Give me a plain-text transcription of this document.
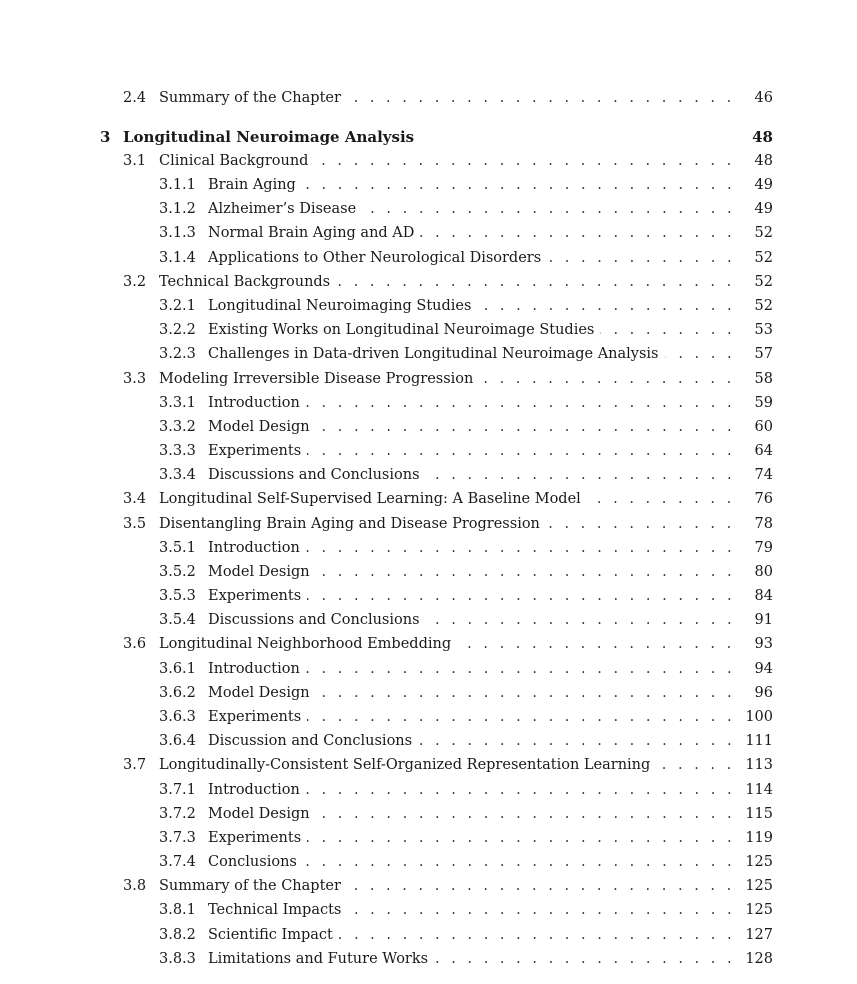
. . .
2.4 Summary of the Chapter	46
3 Longitudinal Neuroimage Analysis	48
. . .
3.1 Clinical Background	48
. . .
3.1.1 Brain Aging	49
. . .
3.1.2 Alzheimer’s Disease	49
. . .
3.1.3 Normal Brain Aging and AD	52
. . .
3.1.4 Applications to Other Neurological Disorders	52
. . .
3.2 Technical Backgrounds	52
. . .
3.2.1 Longitudinal Neuroimaging Studies	52
. . .
3.2.2 Existing Works on Longitudinal Neuroimage Studies	53
. . .
3.2.3 Challenges in Data-driven Longitudinal Neuroimage Analysis	57
. . .
3.3 Modeling Irreversible Disease Progression	58
. . .
3.3.1 Introduction	59
. . .
3.3.2 Model Design	60
. . .
3.3.3 Experiments	64
. . .
3.3.4 Discussions and Conclusions	74
. . .
3.4 Longitudinal Self-Supervised Learning: A Baseline Model	76
. . .
3.5 Disentangling Brain Aging and Disease Progression	78
. . .
3.5.1 Introduction	79
. . .
3.5.2 Model Design	80
. . .
3.5.3 Experiments	84
. . .
3.5.4 Discussions and Conclusions	91
. . .
3.6 Longitudinal Neighborhood Embedding	93
. . .
3.6.1 Introduction	94
. . .
3.6.2 Model Design	96
. . .
3.6.3 Experiments	100
. . .
3.6.4 Discussion and Conclusions	111
. . .
3.7 Longitudinally-Consistent Self-Organized Representation Learning	113
. . .
3.7.1 Introduction	114
. . .
3.7.2 Model Design	115
. . .
3.7.3 Experiments	119
. . .
3.7.4 Conclusions	125
. . .
3.8 Summary of the Chapter	125
. . .
3.8.1 Technical Impacts	125
. . .
3.8.2 Scientific Impact	127
. . .
3.8.3 Limitations and Future Works	128
